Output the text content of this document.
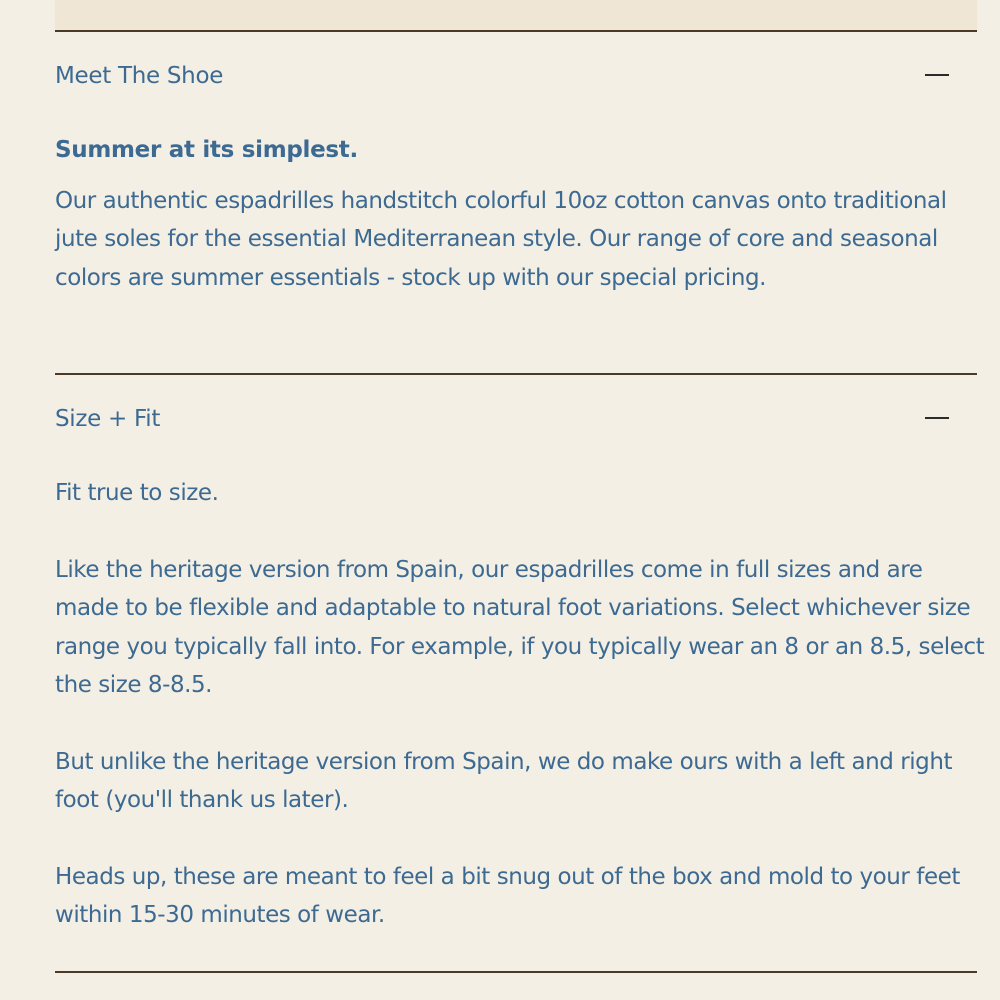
Meet The Shoe

Summer at its simplest.

Our authentic espadrilles handstitch colorful 10oz cotton canvas onto traditional jute soles for the essential Mediterranean style. Our range of core and seasonal colors are summer essentials - stock up with our special pricing.

Size + Fit

Fit true to size.

Like the heritage version from Spain, our espadrilles come in full sizes and are made to be flexible and adaptable to natural foot variations. Select whichever size range you typically fall into. For example, if you typically wear an 8 or an 8.5, select the size 8-8.5.

But unlike the heritage version from Spain, we do make ours with a left and right foot (you'll thank us later).

Heads up, these are meant to feel a bit snug out of the box and mold to your feet within 15-30 minutes of wear.
